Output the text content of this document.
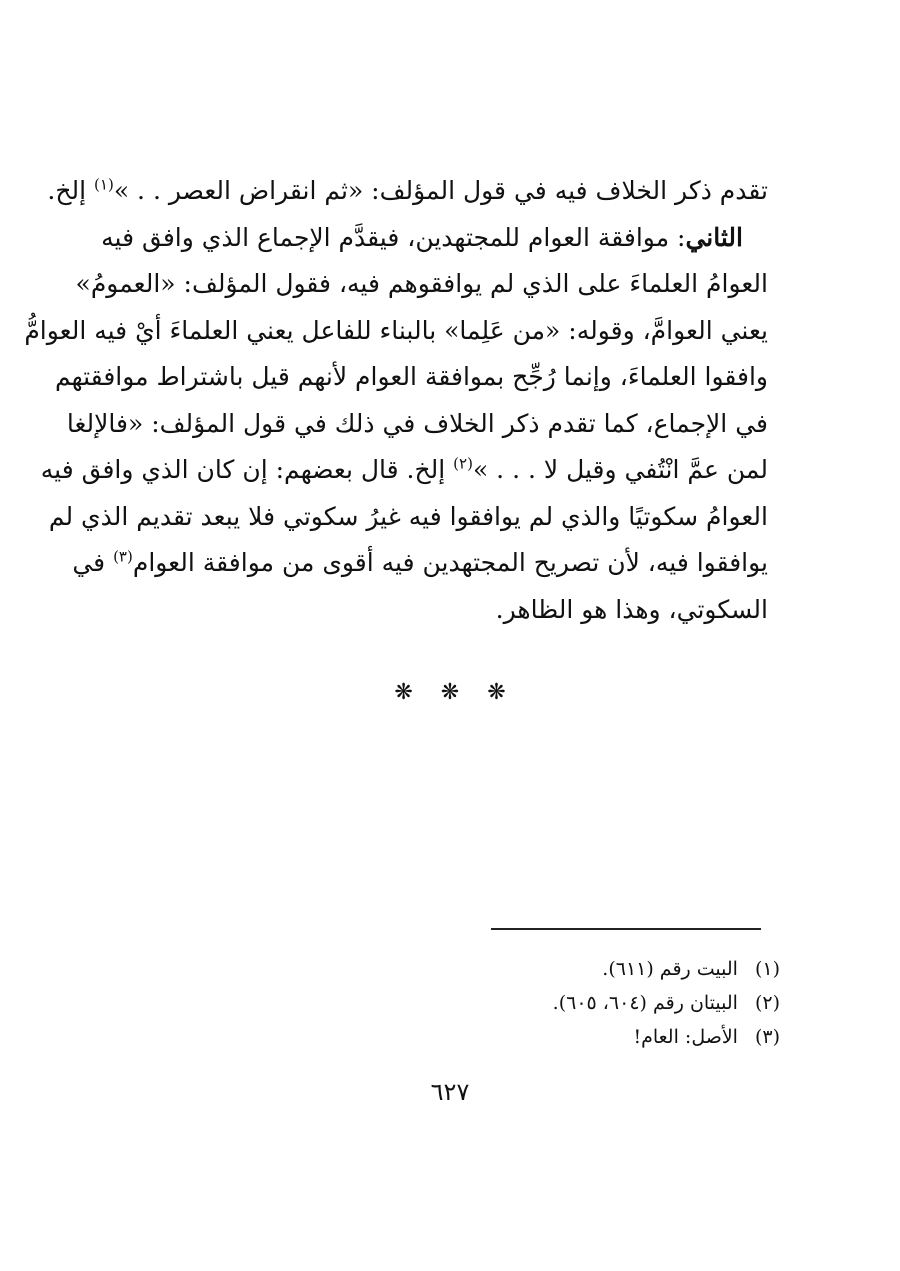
تقدم ذكر الخلاف فيه في قول المؤلف: «ثم انقراض العصر . . »$^{(١)}$ إلخ.
 الثاني: موافقة العوام للمجتهدين، فيقدَّم الإجماع الذي وافق فيه
العوامُ العلماءَ على الذي لم يوافقوهم فيه، فقول المؤلف: «العمومُ»
يعني العوامَّ، وقوله: «من عَلِما» بالبناء للفاعل يعني العلماءَ أيْ فيه العوامُّ
وافقوا العلماءَ، وإنما رُجِّح بموافقة العوام لأنهم قيل باشتراط موافقتهم
في الإجماع، كما تقدم ذكر الخلاف في ذلك في قول المؤلف: «فالإلغا
لمن عمَّ انْتُفي وقيل لا . . . »$^{(٢)}$ إلخ. قال بعضهم: إن كان الذي وافق فيه
العوامُ سكوتيًا والذي لم يوافقوا فيه غيرُ سكوتي فلا يبعد تقديم الذي لم
يوافقوا فيه، لأن تصريح المجتهدين فيه أقوى من موافقة العوام$^{(٣)}$ في
السكوتي، وهذا هو الظاهر.
❋ ❋ ❋
(١) البيت رقم (٦١١).
(٢) البيتان رقم (٦٠٤، ٦٠٥).
(٣) الأصل: العام!
٦٢٧
